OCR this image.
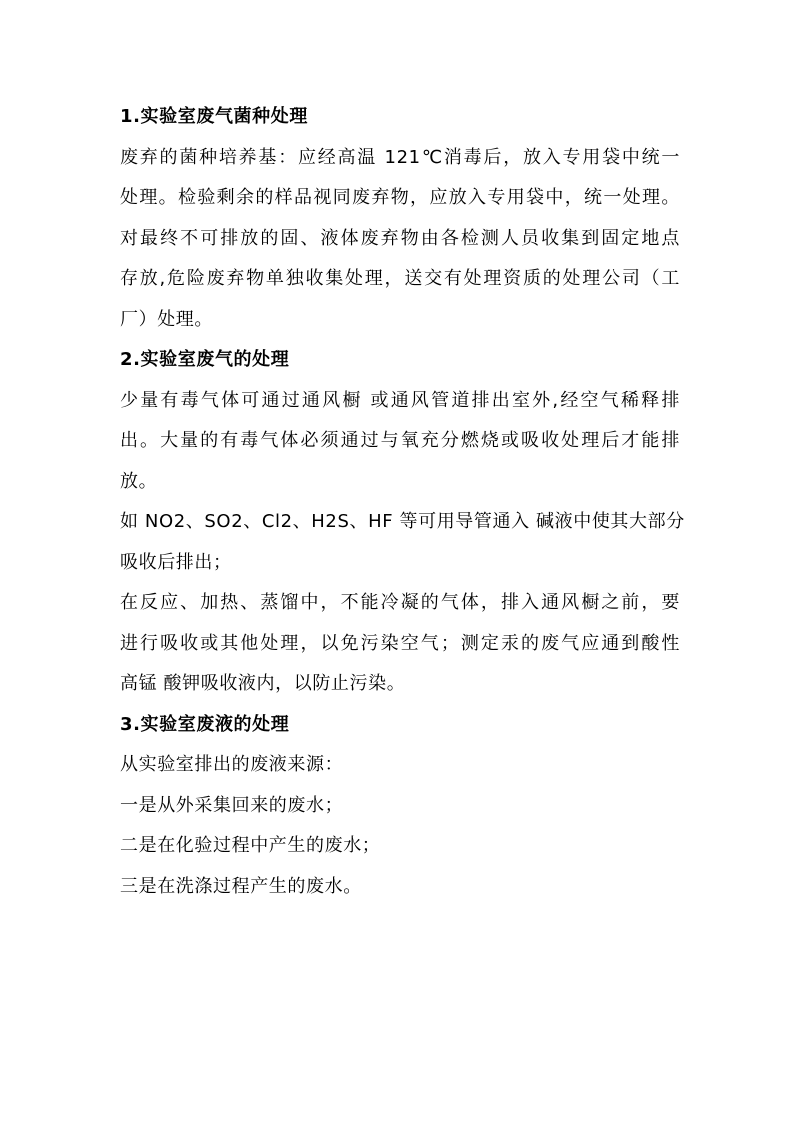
1.实验室废气菌种处理
废弃的菌种培养基：应经高温 121℃消毒后，放入专用袋中统一
处理。检验剩余的样品视同废弃物，应放入专用袋中，统一处理。
对最终不可排放的固、液体废弃物由各检测人员收集到固定地点
存放,危险废弃物单独收集处理，送交有处理资质的处理公司（工
厂）处理。
2.实验室废气的处理
少量有毒气体可通过通风橱 或通风管道排出室外,经空气稀释排
出。大量的有毒气体必须通过与氧充分燃烧或吸收处理后才能排
放。
如 NO2、SO2、Cl2、H2S、HF 等可用导管通入 碱液中使其大部分
吸收后排出；
在反应、加热、蒸馏中，不能冷凝的气体，排入通风橱之前，要
进行吸收或其他处理，以免污染空气；测定汞的废气应通到酸性
高锰 酸钾吸收液内，以防止污染。
3.实验室废液的处理
从实验室排出的废液来源：
一是从外采集回来的废水；
二是在化验过程中产生的废水；
三是在洗涤过程产生的废水。
